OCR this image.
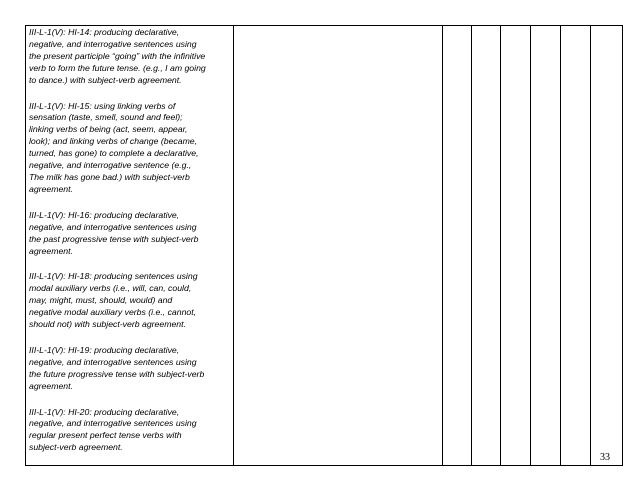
III-L-1(V): HI-14: producing declarative,
negative, and interrogative sentences using
the present participle “going” with the infinitive
verb to form the future tense. (e.g., I am going
to dance.) with subject-verb agreement.

III-L-1(V): HI-15: using linking verbs of
sensation (taste, smell, sound and feel);
linking verbs of being (act, seem, appear,
look); and linking verbs of change (became,
turned, has gone) to complete a declarative,
negative, and interrogative sentence (e.g.,
The milk has gone bad.) with subject-verb
agreement.

III-L-1(V): HI-16: producing declarative,
negative, and interrogative sentences using
the past progressive tense with subject-verb
agreement.

III-L-1(V): HI-18: producing sentences using
modal auxiliary verbs (i.e., will, can, could,
may, might, must, should, would) and
negative modal auxiliary verbs (i.e., cannot,
should not) with subject-verb agreement.

III-L-1(V): HI-19: producing declarative,
negative, and interrogative sentences using
the future progressive tense with subject-verb
agreement.

III-L-1(V): HI-20: producing declarative,
negative, and interrogative sentences using
regular present perfect tense verbs with
subject-verb agreement.

33
